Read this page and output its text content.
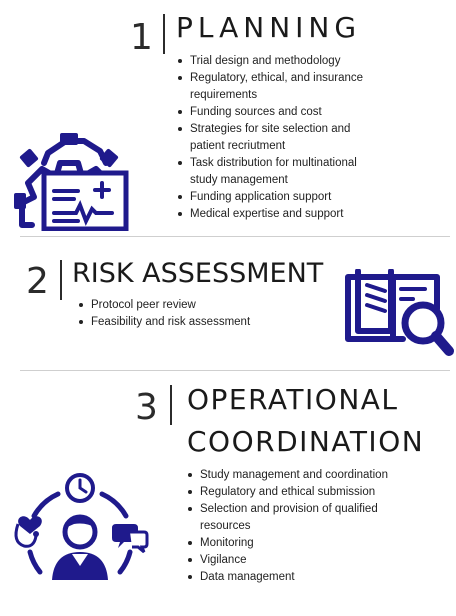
1 PLANNING
Trial design and methodology
Regulatory, ethical, and insurance requirements
Funding sources and cost
Strategies for site selection and patient recriutment
Task distribution for multinational study management
Funding application support
Medical expertise and support
2 RISK ASSESSMENT
Protocol peer review
Feasibility and risk assessment
3 OPERATIONAL
COORDINATION
Study management and coordination
Regulatory and ethical submission
Selection and provision of qualified resources
Monitoring
Vigilance
Data management
